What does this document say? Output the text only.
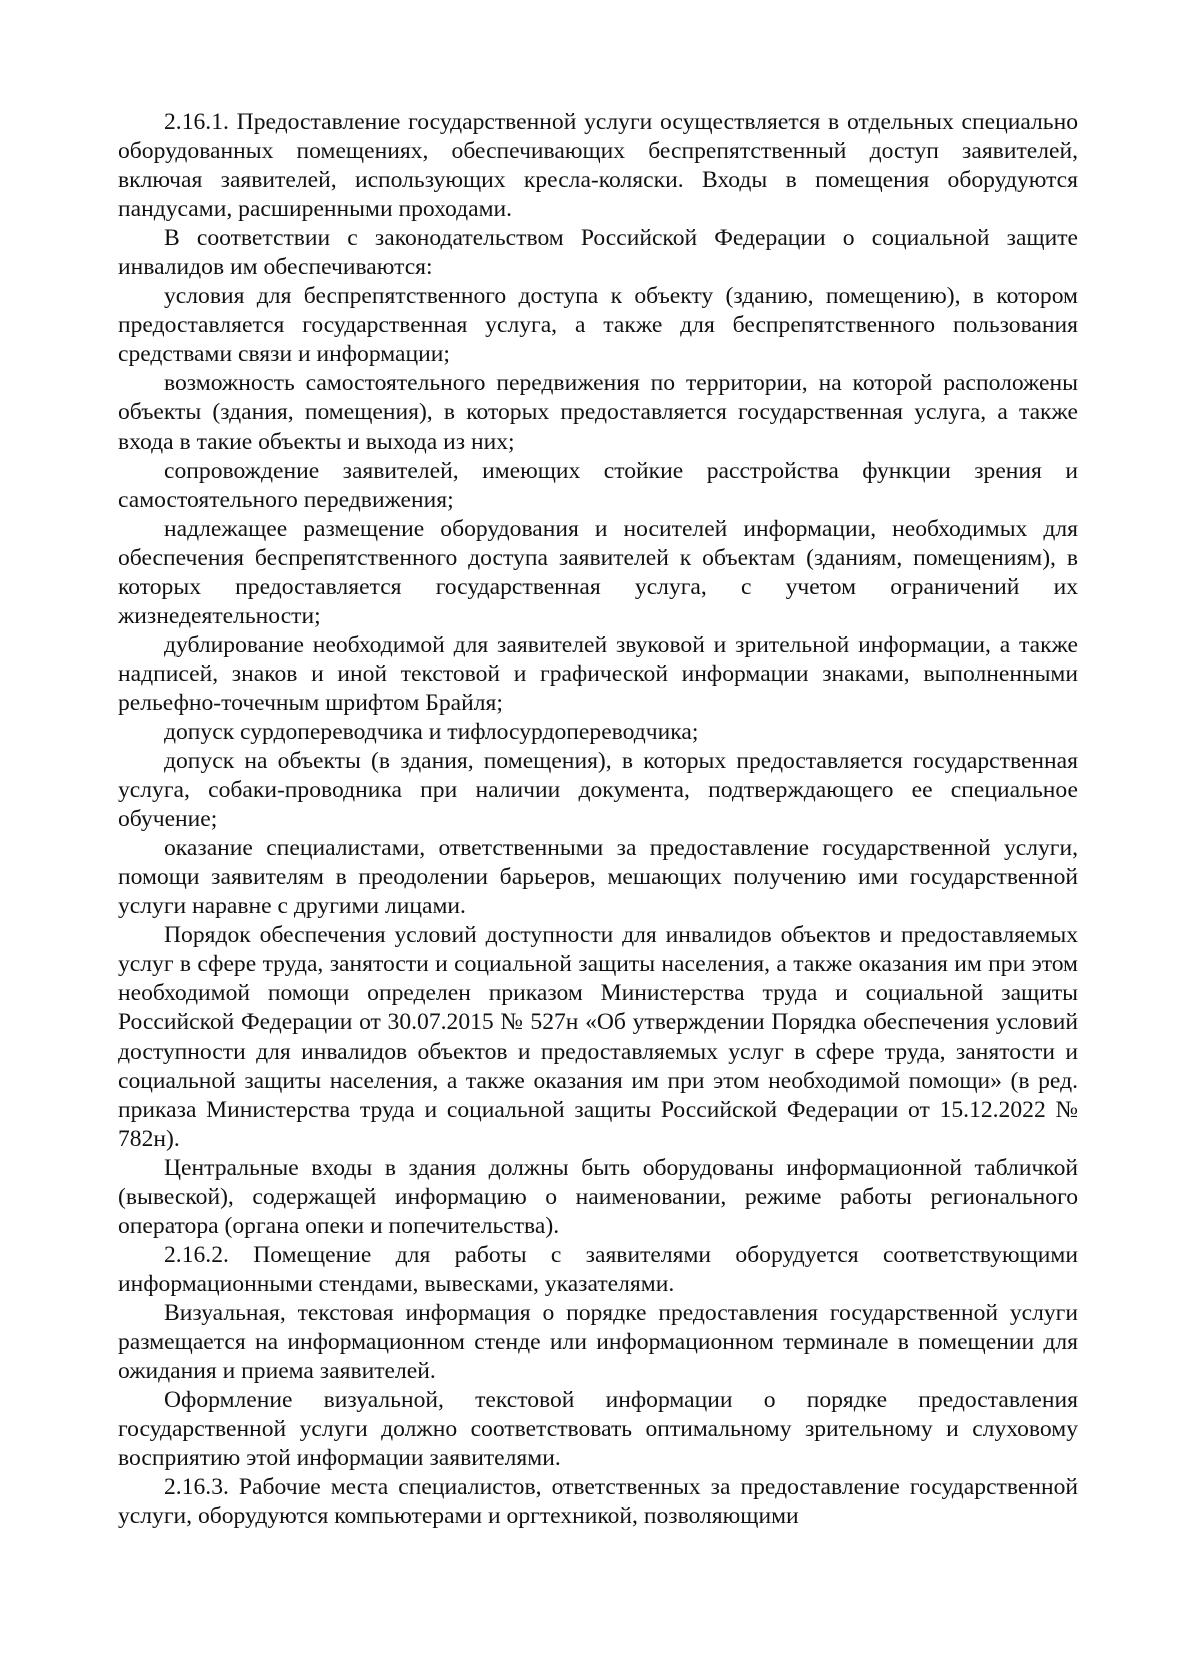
2.16.1. Предоставление государственной услуги осуществляется в отдельных специально оборудованных помещениях, обеспечивающих беспрепятственный доступ заявителей, включая заявителей, использующих кресла-коляски. Входы в помещения оборудуются пандусами, расширенными проходами.

В соответствии с законодательством Российской Федерации о социальной защите инвалидов им обеспечиваются:

условия для беспрепятственного доступа к объекту (зданию, помещению), в котором предоставляется государственная услуга, а также для беспрепятственного пользования средствами связи и информации;

возможность самостоятельного передвижения по территории, на которой расположены объекты (здания, помещения), в которых предоставляется государственная услуга, а также входа в такие объекты и выхода из них;

сопровождение заявителей, имеющих стойкие расстройства функции зрения и самостоятельного передвижения;

надлежащее размещение оборудования и носителей информации, необходимых для обеспечения беспрепятственного доступа заявителей к объектам (зданиям, помещениям), в которых предоставляется государственная услуга, с учетом ограничений их жизнедеятельности;

дублирование необходимой для заявителей звуковой и зрительной информации, а также надписей, знаков и иной текстовой и графической информации знаками, выполненными рельефно-точечным шрифтом Брайля;

допуск сурдопереводчика и тифлосурдопереводчика;

допуск на объекты (в здания, помещения), в которых предоставляется государственная услуга, собаки-проводника при наличии документа, подтверждающего ее специальное обучение;

оказание специалистами, ответственными за предоставление государственной услуги, помощи заявителям в преодолении барьеров, мешающих получению ими государственной услуги наравне с другими лицами.

Порядок обеспечения условий доступности для инвалидов объектов и предоставляемых услуг в сфере труда, занятости и социальной защиты населения, а также оказания им при этом необходимой помощи определен приказом Министерства труда и социальной защиты Российской Федерации от 30.07.2015 № 527н «Об утверждении Порядка обеспечения условий доступности для инвалидов объектов и предоставляемых услуг в сфере труда, занятости и социальной защиты населения, а также оказания им при этом необходимой помощи» (в ред. приказа Министерства труда и социальной защиты Российской Федерации от 15.12.2022 № 782н).

Центральные входы в здания должны быть оборудованы информационной табличкой (вывеской), содержащей информацию о наименовании, режиме работы регионального оператора (органа опеки и попечительства).

2.16.2. Помещение для работы с заявителями оборудуется соответствующими информационными стендами, вывесками, указателями.

Визуальная, текстовая информация о порядке предоставления государственной услуги размещается на информационном стенде или информационном терминале в помещении для ожидания и приема заявителей.

Оформление визуальной, текстовой информации о порядке предоставления государственной услуги должно соответствовать оптимальному зрительному и слуховому восприятию этой информации заявителями.

2.16.3. Рабочие места специалистов, ответственных за предоставление государственной услуги, оборудуются компьютерами и оргтехникой, позволяющими
